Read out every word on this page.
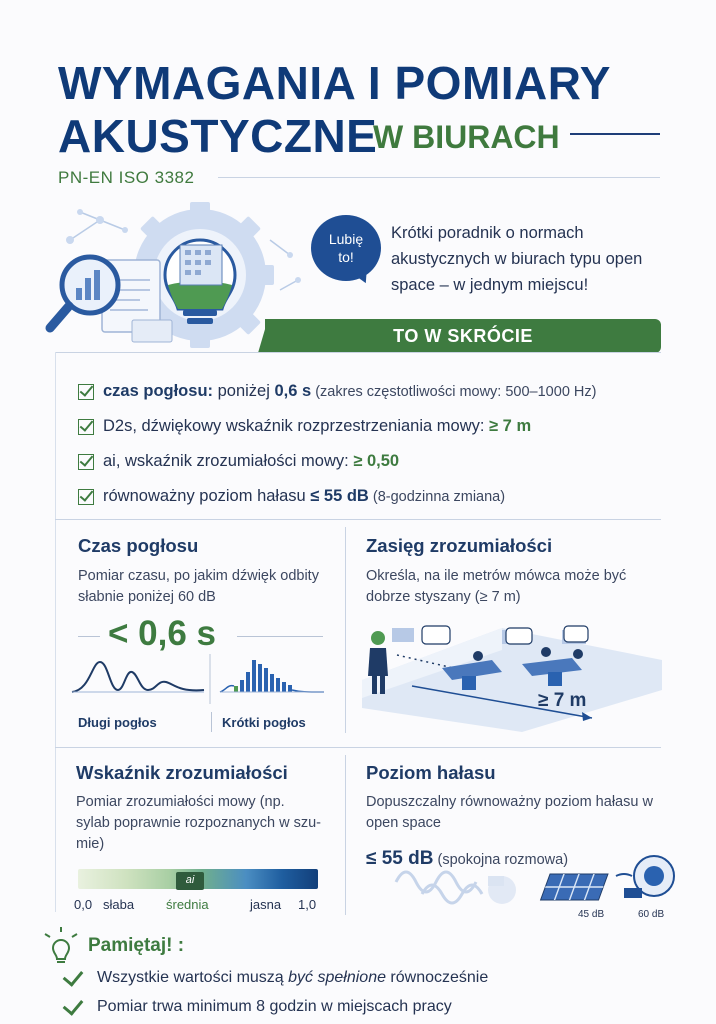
WYMAGANIA I POMIARY
AKUSTYCZNE
W BIURACH
PN-EN ISO 3382
Lubię
to!
Krótki poradnik o normach akustycznych w biurach typu open space – w jednym miejscu!
TO W SKRÓCIE
czas pogłosu: poniżej 0,6 s (zakres częstotliwości mowy: 500–1000 Hz)
D2s, dźwiękowy wskaźnik rozprzestrzeniania mowy: ≥ 7 m
ai, wskaźnik zrozumiałości mowy: ≥ 0,50
równoważny poziom hałasu ≤ 55 dB (8-godzinna zmiana)
Czas pogłosu
Pomiar czasu, po jakim dźwięk odbity słabnie poniżej 60 dB
< 0,6 s
Długi pogłos	Krótki pogłos
Zasięg zrozumiałości
Określa, na ile metrów mówca może być dobrze styszany (≥ 7 m)
≥ 7 m
Wskaźnik zrozumiałości
Pomiar zrozumiałości mowy (np.
sylab poprawnie rozpoznanych w szu-
mie)
ai
0,0 słaba średnia	jasna 1,0
Poziom hałasu
Dopuszczalny równoważny poziom hałasu w open space
≤ 55 dB (spokojna rozmowa)
45 dB	60 dB
Pamiętaj! :
Wszystkie wartości muszą być spełnione równocześnie
Pomiar trwa minimum 8 godzin w miejscach pracy
